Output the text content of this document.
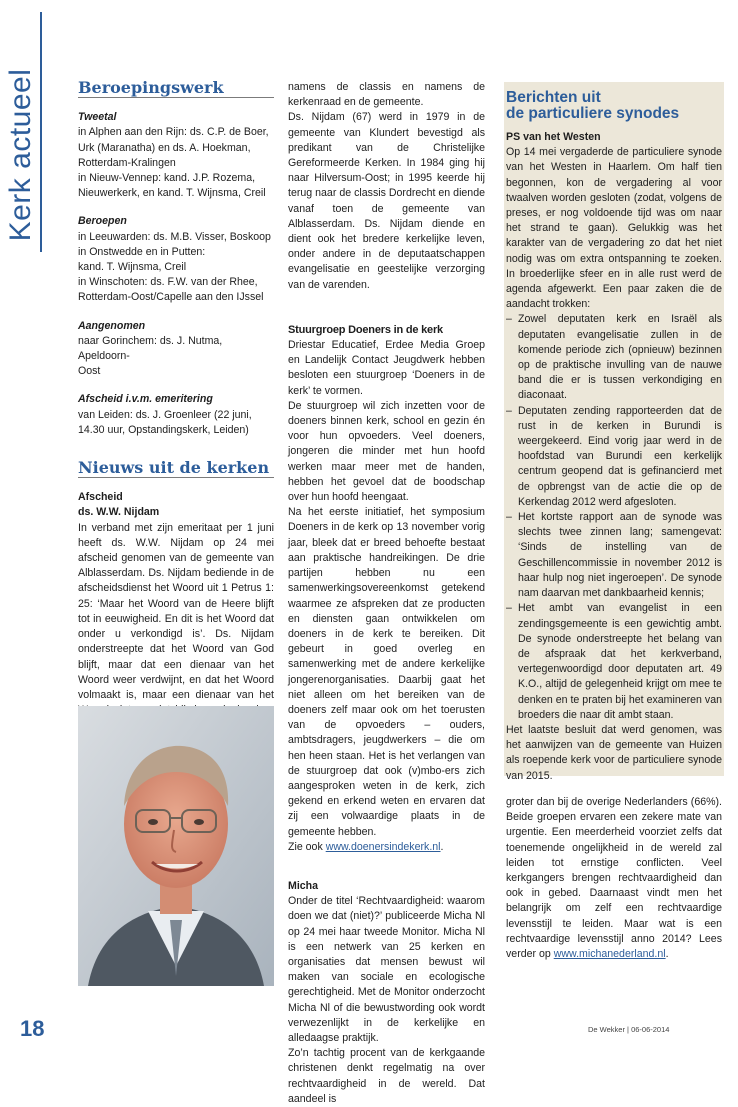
Kerk actueel	Beroepingswerk

Tweetal

in Alphen aan den Rijn: ds. C.P. de Boer,

Urk (Maranatha) en ds. A. Hoekman,

Rotterdam-Kralingen

in Nieuw-Vennep: kand. J.P. Rozema,

Nieuwerkerk, en kand. T. Wijnsma, Creil

Beroepen

in Leeuwarden: ds. M.B. Visser, Boskoop

in Onstwedde en in Putten:

kand. T. Wijnsma, Creil

in Winschoten: ds. F.W. van der Rhee,

Rotterdam-Oost/Capelle aan den IJssel

Aangenomen

naar Gorinchem: ds. J. Nutma, Apeldoorn-

Oost

Afscheid i.v.m. emeritering

van Leiden: ds. J. Groenleer (22 juni,

14.30 uur, Opstandingskerk, Leiden)

Nieuws uit de kerken

Afscheid

ds. W.W. Nijdam

In verband met zijn emeritaat per 1 juni heeft ds. W.W. Nijdam op 24 mei afscheid genomen van de gemeente van Alblasserdam. Ds. Nijdam bediende in de afscheidsdienst het Woord uit 1 Petrus 1: 25: ‘Maar het Woord van de Heere blijft tot in eeuwigheid. En dit is het Woord dat onder u verkondigd is’. Ds. Nijdam onderstreepte dat het Woord van God blijft, maar dat een dienaar van het Woord weer verdwijnt, en dat het Woord volmaakt is, maar een dienaar van het

namens de classis en namens de kerkenraad en de gemeente.

Ds. Nijdam (67) werd in 1979 in de gemeente van Klundert bevestigd als predikant van de Christelijke Gereformeerde Kerken. In 1984 ging hij naar Hilversum-Oost; in 1995 keerde hij terug naar de classis Dordrecht en diende vanaf toen de gemeente van Alblasserdam. Ds. Nijdam diende en dient ook het bredere kerkelijke leven, onder andere in de deputaatschappen evangelisatie en geestelijke verzorging van de varenden.

Stuurgroep Doeners in de kerk

Driestar Educatief, Erdee Media Groep en Landelijk Contact Jeugdwerk hebben besloten een stuurgroep ‘Doeners in de kerk’ te vormen.

De stuurgroep wil zich inzetten voor de doeners binnen kerk, school en gezin én voor hun opvoeders. Veel doeners, jongeren die minder met hun hoofd werken maar meer met de handen, hebben het gevoel dat de boodschap over hun hoofd heengaat.

Na het eerste initiatief, het symposium Doeners in de kerk op 13 november vorig jaar, bleek dat er breed behoefte bestaat aan praktische handreikingen. De drie partijen hebben nu een samenwerkingsovereenkomst getekend waarmee ze afspreken dat ze producten en diensten gaan ontwikkelen om doeners in de kerk te bereiken. Dit gebeurt in goed overleg en samenwerking met de andere kerkelijke jongerenorganisaties. Daarbij gaat het niet alleen om het bereiken van de doeners zelf maar ook om het toerusten van de opvoeders – ouders, ambtsdragers, jeugdwerkers – die om hen heen staan. Het is het verlangen van de stuurgroep dat ook (v)mbo-ers zich aangesproken weten in de kerk, zich gekend en erkend weten en ervaren dat zij een volwaardige plaats in de gemeente hebben.

Zie ook www.doenersindekerk.nl.

Micha

Onder de titel ‘Rechtvaardigheid: waarom doen we dat (niet)?’ publiceerde Micha Nl op 24 mei haar tweede Monitor. Micha Nl is een netwerk van 25 kerken en organisaties dat mensen bewust wil maken van sociale en ecologische gerechtigheid. Met de Monitor onderzocht Micha Nl of die bewustwording ook wordt verwezenlijkt in de kerkelijke en alledaagse praktijk.

Zo’n tachtig procent van de kerkgaande christenen denkt regelmatig na over rechtvaardigheid in de wereld. Dat aandeel is

Berichten uit

de particuliere synodes

PS van het Westen

Op 14 mei vergaderde de particuliere synode van het Westen in Haarlem. Om half tien begonnen, kon de vergadering al voor twaalven worden gesloten (zodat, volgens de preses, er nog voldoende tijd was om naar het strand te gaan). Gelukkig was het karakter van de vergadering zo dat het niet nodig was om extra ontspanning te zoeken. In broederlijke sfeer en in alle rust werd de agenda afgewerkt. Een paar zaken die de aandacht trokken:

– Zowel deputaten kerk en Israël als deputaten evangelisatie zullen in de komende periode zich (opnieuw) bezinnen op de praktische invulling van de nauwe band die er is tussen verkondiging en diaconaat.
– Deputaten zending rapporteerden dat de rust in de kerken in Burundi is weergekeerd. Eind vorig jaar werd in de hoofdstad van Burundi een kerkelijk centrum geopend dat is gefinancierd met de opbrengst van de actie die op de Kerkendag 2012 werd afgesloten.
– Het kortste rapport aan de synode was slechts twee zinnen lang; samengevat: ‘Sinds de instelling van de Geschillencommissie in november 2012 is haar hulp nog niet ingeroepen’. De synode nam daarvan met dankbaarheid kennis;
– Het ambt van evangelist in een zendingsgemeente is een gewichtig ambt. De synode onderstreepte het belang van de afspraak dat het kerkverband, vertegenwoordigd door deputaten art. 49 K.O., altijd de gelegenheid krijgt om mee te denken en te praten bij het examineren van broeders die naar dit ambt staan.

Het laatste besluit dat werd genomen, was het aanwijzen van de gemeente van Huizen als roepende kerk voor de particuliere synode van 2015.

groter dan bij de overige Nederlanders (66%). Beide groepen ervaren een zekere mate van urgentie. Een meerderheid voorziet zelfs dat toenemende ongelijkheid in de wereld zal leiden tot ernstige conflicten. Veel kerkgangers brengen rechtvaardigheid dan ook in gebed. Daarnaast vindt men het belangrijk om zelf een rechtvaardige levensstijl te leiden. Maar wat is een rechtvaardige levensstijl anno 2014? Lees verder op www.michanederland.nl.

18	De Wekker | 06-06-2014
